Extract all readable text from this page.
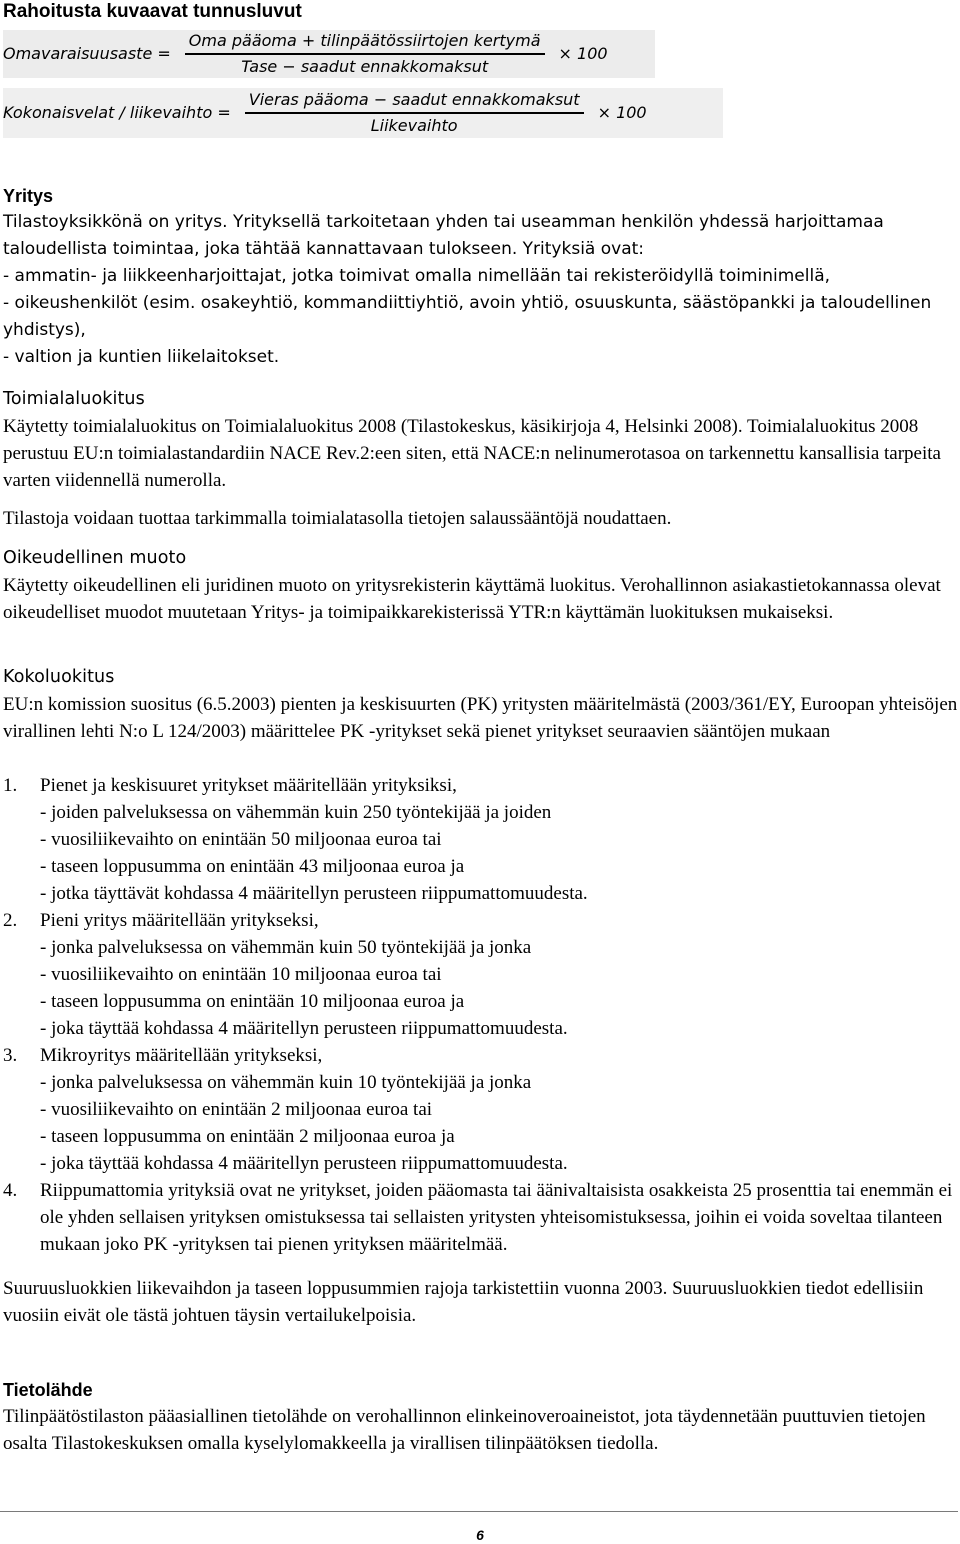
Rahoitusta kuvaavat tunnusluvut
Omavaraisuusaste = $\frac{\text{Oma pääoma + tilinpäätössiirtojen kertymä}}{\text{Tase − saadut ennakkomaksut}} \times 100$
Kokonaisvelat / liikevaihto = $\frac{\text{Vieras pääoma − saadut ennakkomaksut}}{\text{Liikevaihto}} \times 100$
Yritys

Tilastoyksikkönä on yritys. Yrityksellä tarkoitetaan yhden tai useamman henkilön yhdessä harjoittamaa taloudellista toimintaa, joka tähtää kannattavaan tulokseen. Yrityksiä ovat:

- ammatin- ja liikkeenharjoittajat, jotka toimivat omalla nimellään tai rekisteröidyllä toiminimellä,

- oikeushenkilöt (esim. osakeyhtiö, kommandiittiyhtiö, avoin yhtiö, osuuskunta, säästöpankki ja taloudellinen yhdistys),

- valtion ja kuntien liikelaitokset.

Toimialaluokitus

Käytetty toimialaluokitus on Toimialaluokitus 2008 (Tilastokeskus, käsikirjoja 4, Helsinki 2008). Toimialaluokitus 2008 perustuu EU:n toimialastandardiin NACE Rev.2:een siten, että NACE:n nelinumerotasoa on tarkennettu kansallisia tarpeita varten viidennellä numerolla.

Tilastoja voidaan tuottaa tarkimmalla toimialatasolla tietojen salaussääntöjä noudattaen.

Oikeudellinen muoto

Käytetty oikeudellinen eli juridinen muoto on yritysrekisterin käyttämä luokitus. Verohallinnon asiakastietokannassa olevat oikeudelliset muodot muutetaan Yritys- ja toimipaikkarekisterissä YTR:n käyttämän luokituksen mukaiseksi.

Kokoluokitus

EU:n komission suositus (6.5.2003) pienten ja keskisuurten (PK) yritysten määritelmästä (2003/361/EY, Euroopan yhteisöjen virallinen lehti N:o L 124/2003) määrittelee PK -yritykset sekä pienet yritykset seuraavien sääntöjen mukaan

1. Pienet ja keskisuuret yritykset määritellään yrityksiksi,
- joiden palveluksessa on vähemmän kuin 250 työntekijää ja joiden
- vuosiliikevaihto on enintään 50 miljoonaa euroa tai
- taseen loppusumma on enintään 43 miljoonaa euroa ja
- jotka täyttävät kohdassa 4 määritellyn perusteen riippumattomuudesta.
2. Pieni yritys määritellään yritykseksi,
- jonka palveluksessa on vähemmän kuin 50 työntekijää ja jonka
- vuosiliikevaihto on enintään 10 miljoonaa euroa tai
- taseen loppusumma on enintään 10 miljoonaa euroa ja
- joka täyttää kohdassa 4 määritellyn perusteen riippumattomuudesta.
3. Mikroyritys määritellään yritykseksi,
- jonka palveluksessa on vähemmän kuin 10 työntekijää ja jonka
- vuosiliikevaihto on enintään 2 miljoonaa euroa tai
- taseen loppusumma on enintään 2 miljoonaa euroa ja
- joka täyttää kohdassa 4 määritellyn perusteen riippumattomuudesta.
4. Riippumattomia yrityksiä ovat ne yritykset, joiden pääomasta tai äänivaltaisista osakkeista 25 prosenttia tai enemmän ei ole yhden sellaisen yrityksen omistuksessa tai sellaisten yritysten yhteisomistuksessa, joihin ei voida soveltaa tilanteen mukaan joko PK -yrityksen tai pienen yrityksen määritelmää.

Suuruusluokkien liikevaihdon ja taseen loppusummien rajoja tarkistettiin vuonna 2003. Suuruusluokkien tiedot edellisiin vuosiin eivät ole tästä johtuen täysin vertailukelpoisia.

Tietolähde

Tilinpäätöstilaston pääasiallinen tietolähde on verohallinnon elinkeinoveroaineistot, jota täydennetään puuttuvien tietojen osalta Tilastokeskuksen omalla kyselylomakkeella ja virallisen tilinpäätöksen tiedolla.

6
